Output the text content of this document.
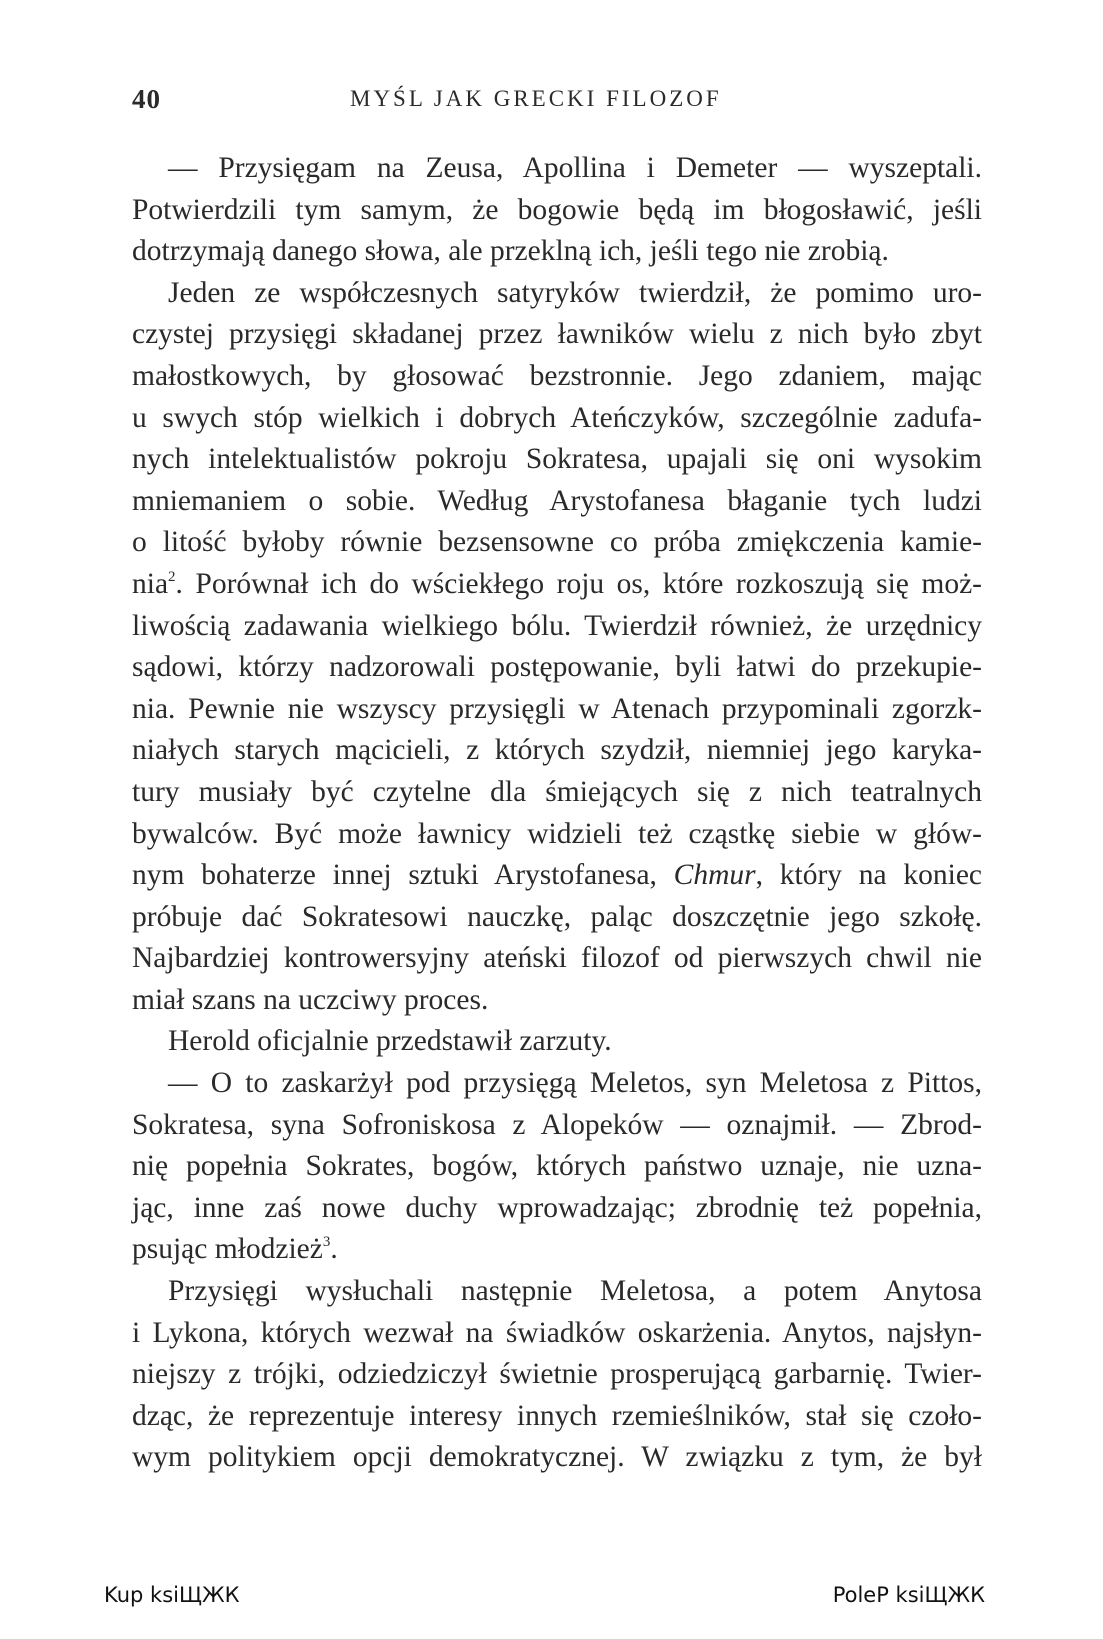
40	MYŚL JAK GRECKI FILOZOF
— Przysięgam na Zeusa, Apollina i Demeter — wyszeptali.
Potwierdzili tym samym, że bogowie będą im błogosławić, jeśli
dotrzymają danego słowa, ale przeklną ich, jeśli tego nie zrobią.
Jeden ze współczesnych satyryków twierdził, że pomimo uro-
czystej przysięgi składanej przez ławników wielu z nich było zbyt
małostkowych, by głosować bezstronnie. Jego zdaniem, mając
u swych stóp wielkich i dobrych Ateńczyków, szczególnie zadufa-
nych intelektualistów pokroju Sokratesa, upajali się oni wysokim
mniemaniem o sobie. Według Arystofanesa błaganie tych ludzi
o litość byłoby równie bezsensowne co próba zmiękczenia kamie-
nia$^2$. Porównał ich do wściekłego roju os, które rozkoszują się moż-
liwością zadawania wielkiego bólu. Twierdził również, że urzędnicy
sądowi, którzy nadzorowali postępowanie, byli łatwi do przekupie-
nia. Pewnie nie wszyscy przysięgli w Atenach przypominali zgorzk-
niałych starych mącicieli, z których szydził, niemniej jego karyka-
tury musiały być czytelne dla śmiejących się z nich teatralnych
bywalców. Być może ławnicy widzieli też cząstkę siebie w głów-
nym bohaterze innej sztuki Arystofanesa, Chmur, który na koniec
próbuje dać Sokratesowi nauczkę, paląc doszczętnie jego szkołę.
Najbardziej kontrowersyjny ateński filozof od pierwszych chwil nie
miał szans na uczciwy proces.
Herold oficjalnie przedstawił zarzuty.
— O to zaskarżył pod przysięgą Meletos, syn Meletosa z Pittos,
Sokratesa, syna Sofroniskosa z Alopeków — oznajmił. — Zbrod-
nię popełnia Sokrates, bogów, których państwo uznaje, nie uzna-
jąc, inne zaś nowe duchy wprowadzając; zbrodnię też popełnia,
psując młodzież$^3$.
Przysięgi wysłuchali następnie Meletosa, a potem Anytosa
i Lykona, których wezwał na świadków oskarżenia. Anytos, najsłyn-
niejszy z trójki, odziedziczył świetnie prosperującą garbarnię. Twier-
dząc, że reprezentuje interesy innych rzemieślników, stał się czoło-
wym politykiem opcji demokratycznej. W związku z tym, że był
Kup ksiЩЖК	PoleР ksiЩЖК
